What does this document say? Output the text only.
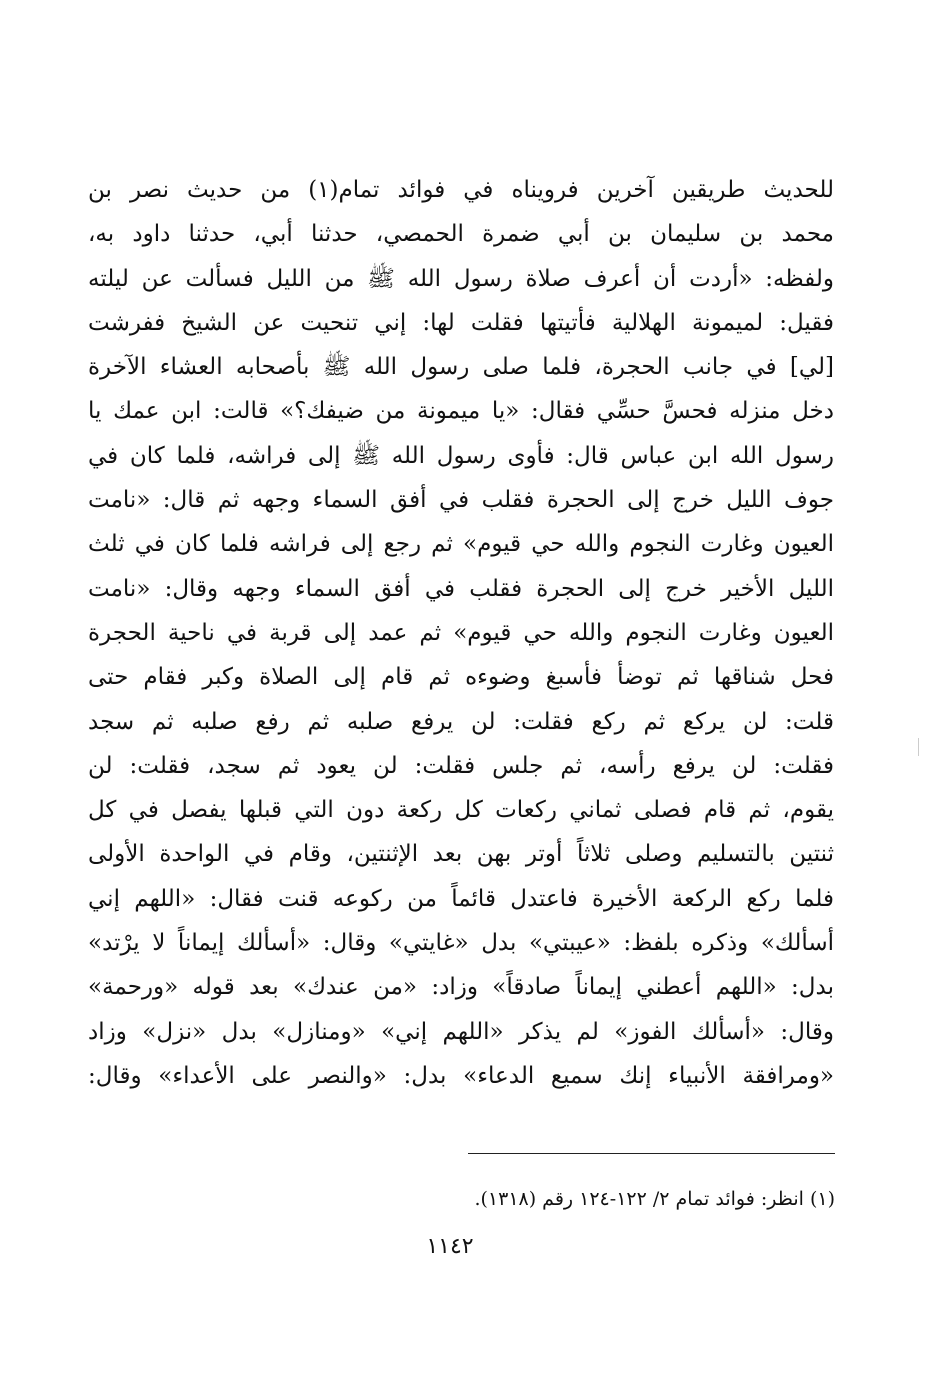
للحديث طريقين آخرين فرويناه في فوائد تمام(١) من حديث نصر بن
محمد بن سليمان بن أبي ضمرة الحمصي، حدثنا أبي، حدثنا داود به،
ولفظه: «أردت أن أعرف صلاة رسول الله ﷺ من الليل فسألت عن ليلته
فقيل: لميمونة الهلالية فأتيتها فقلت لها: إني تنحيت عن الشيخ ففرشت
[لي] في جانب الحجرة، فلما صلى رسول الله ﷺ بأصحابه العشاء الآخرة
دخل منزله فحسَّ حسِّي فقال: «يا ميمونة من ضيفك؟» قالت: ابن عمك يا
رسول الله ابن عباس قال: فأوى رسول الله ﷺ إلى فراشه، فلما كان في
جوف الليل خرج إلى الحجرة فقلب في أفق السماء وجهه ثم قال: «نامت
العيون وغارت النجوم والله حي قيوم» ثم رجع إلى فراشه فلما كان في ثلث
الليل الأخير خرج إلى الحجرة فقلب في أفق السماء وجهه وقال: «نامت
العيون وغارت النجوم والله حي قيوم» ثم عمد إلى قربة في ناحية الحجرة
فحل شناقها ثم توضأ فأسبغ وضوءه ثم قام إلى الصلاة وكبر فقام حتى
قلت: لن يركع ثم ركع فقلت: لن يرفع صلبه ثم رفع صلبه ثم سجد
فقلت: لن يرفع رأسه، ثم جلس فقلت: لن يعود ثم سجد، فقلت: لن
يقوم، ثم قام فصلى ثماني ركعات كل ركعة دون التي قبلها يفصل في كل
ثنتين بالتسليم وصلى ثلاثاً أوتر بهن بعد الإثنتين، وقام في الواحدة الأولى
فلما ركع الركعة الأخيرة فاعتدل قائماً من ركوعه قنت فقال: «اللهم إني
أسألك» وذكره بلفظ: «عيبتي» بدل «غايتي» وقال: «أسألك إيماناً لا يرْتد»
بدل: «اللهم أعطني إيماناً صادقاً» وزاد: «من عندك» بعد قوله «ورحمة»
وقال: «أسألك الفوز» لم يذكر «اللهم إني» «ومنازل» بدل «نزل» وزاد
«ومرافقة الأنبياء إنك سميع الدعاء» بدل: «والنصر على الأعداء» وقال:
(١) انظر: فوائد تمام ٢/ ١٢٢-١٢٤ رقم (١٣١٨).
١١٤٢
